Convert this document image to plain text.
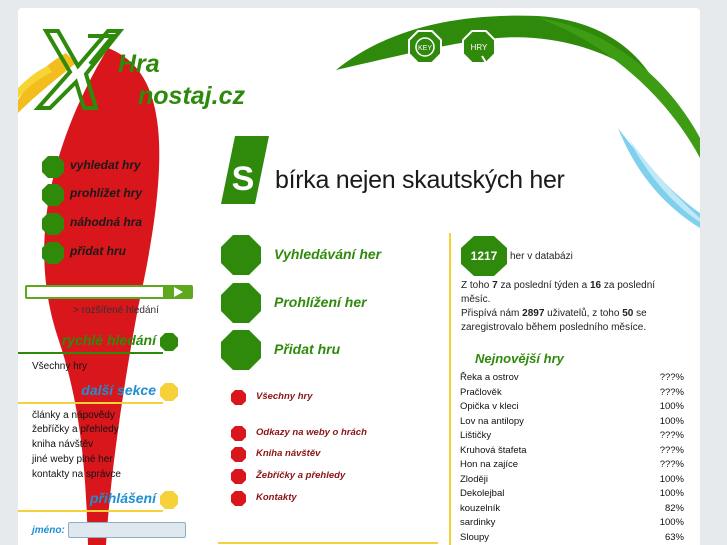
Hra
nostaj.cz
KEY	HRY
vyhledat hry
prohlížet hry
náhodná hra
přidat hru
> rozšířené hledání
rychlé hledání
Všechny hry
další sekce
články a nápovědy
žebříčky a přehledy
kniha návštěv
jiné weby plné her
kontakty na správce
přihlášení
jméno:
S bírka nejen skautských her
Vyhledávání her
Prohlížení her
Přidat hru
Všechny hry
Odkazy na weby o hrách
Kniha návštěv
Žebříčky a přehledy
Kontakty
1217	her v databázi
Z toho 7 za poslední týden a 16 za poslední
měsíc.
Přispívá nám 2897 uživatelů, z toho 50 se
zaregistrovalo během posledního měsíce.
Nejnovější hry
Řeka a ostrov	???%
Pračlověk	???%
Opička v kleci	100%
Lov na antilopy	100%
Lištičky	???%
Kruhová štafeta	???%
Hon na zajíce	???%
Zloději	100%
Dekolejbal	100%
kouzelník	82%
sardinky	100%
Sloupy	63%
